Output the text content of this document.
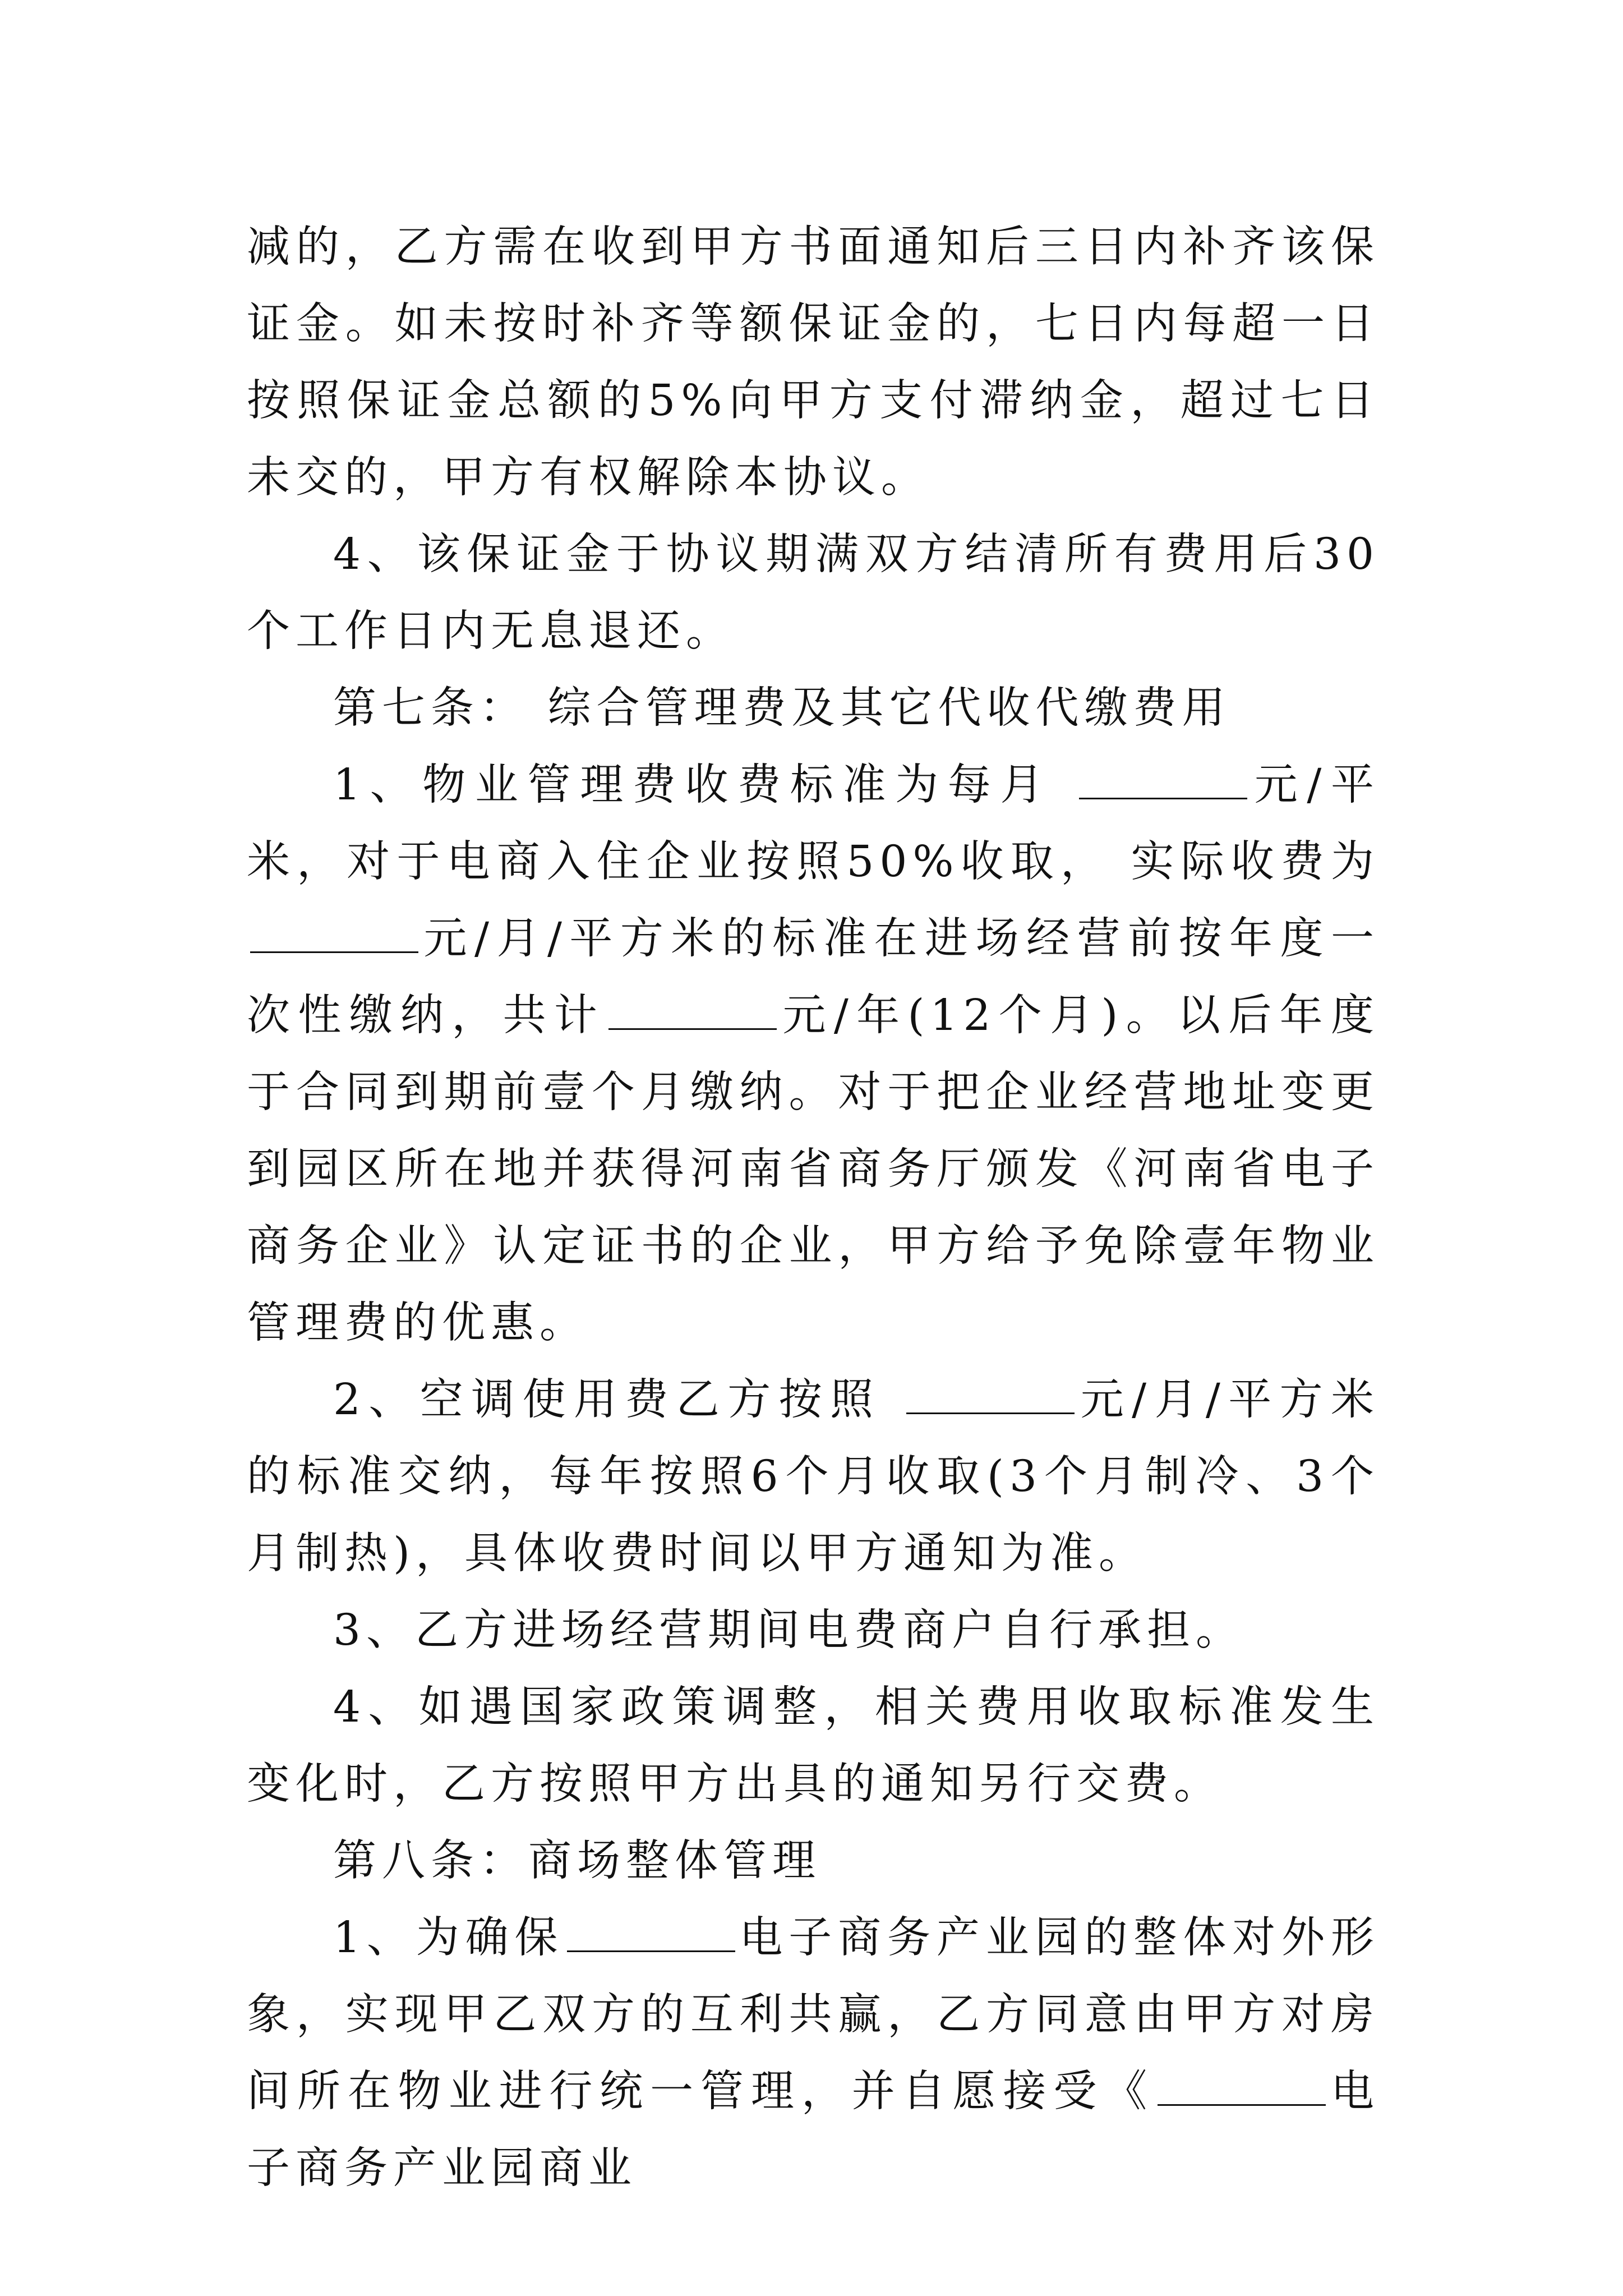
减的，乙方需在收到甲方书面通知后三日内补齐该保证金。如未按时补齐等额保证金的，七日内每超一日按照保证金总额的5%向甲方支付滞纳金，超过七日未交的，甲方有权解除本协议。

4、该保证金于协议期满双方结清所有费用后30个工作日内无息退还。

第七条： 综合管理费及其它代收代缴费用

1、物业管理费收费标准为每月	元/平米，对于电商入住企业按照50%收取， 实际收费为 元/月/平方米的标准在进场经营前按年度一次性缴纳，共计	元/年(12个月)。以后年度于合同到期前壹个月缴纳。对于把企业经营地址变更到园区所在地并获得河南省商务厅颁发《河南省电子商务企业》认定证书的企业，甲方给予免除壹年物业管理费的优惠。

2、空调使用费乙方按照	元/月/平方米的标准交纳，每年按照6个月收取(3个月制冷、3个月制热)，具体收费时间以甲方通知为准。

3、乙方进场经营期间电费商户自行承担。

4、如遇国家政策调整，相关费用收取标准发生变化时，乙方按照甲方出具的通知另行交费。

第八条：商场整体管理

1、为确保	电子商务产业园的整体对外形象，实现甲乙双方的互利共赢，乙方同意由甲方对房间所在物业进行统一管理，并自愿接受《	电子商务产业园商业
